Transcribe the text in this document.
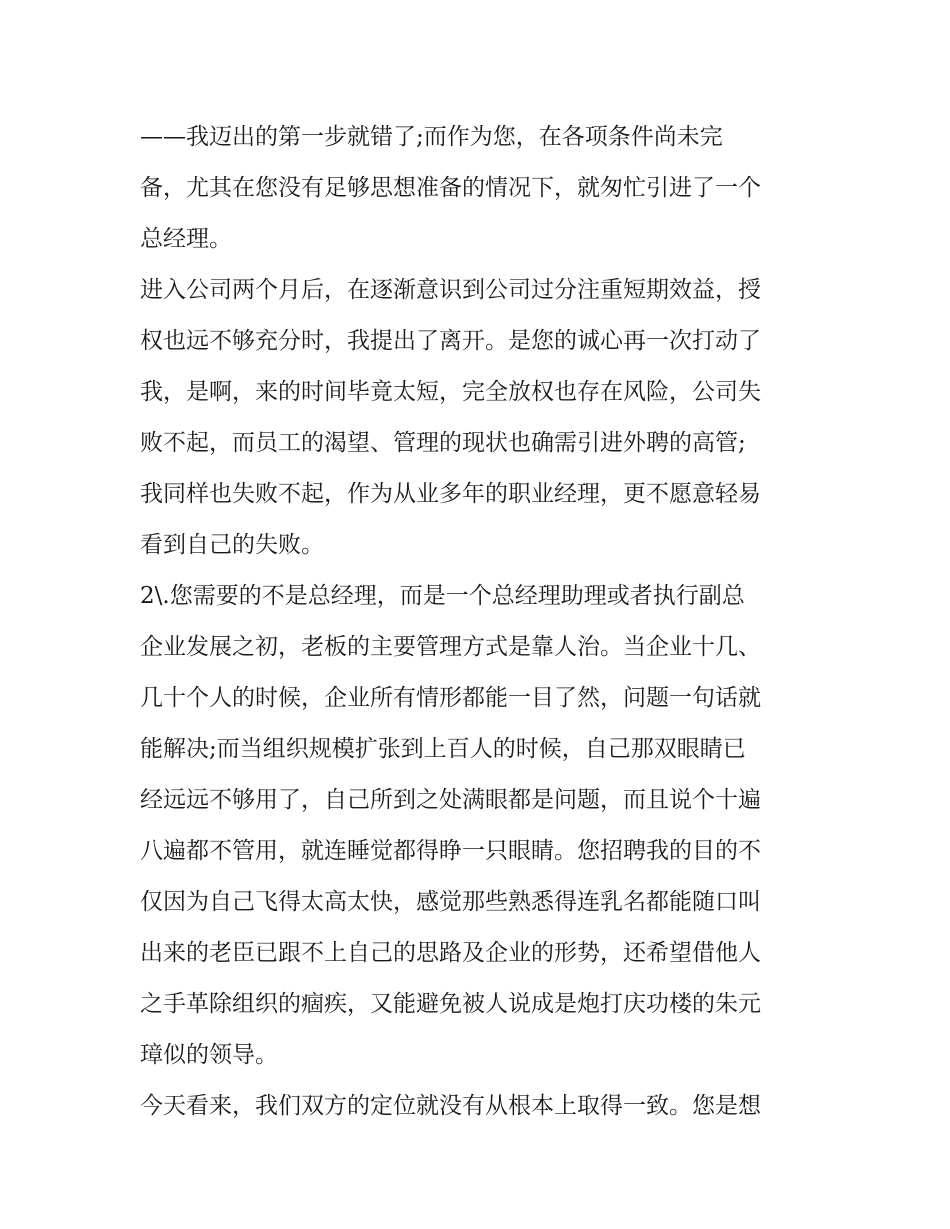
——我迈出的第一步就错了;而作为您，在各项条件尚未完
备，尤其在您没有足够思想准备的情况下，就匆忙引进了一个
总经理。
进入公司两个月后，在逐渐意识到公司过分注重短期效益，授
权也远不够充分时，我提出了离开。是您的诚心再一次打动了
我，是啊，来的时间毕竟太短，完全放权也存在风险，公司失
败不起，而员工的渴望、管理的现状也确需引进外聘的高管;
我同样也失败不起，作为从业多年的职业经理，更不愿意轻易
看到自己的失败。
2\.您需要的不是总经理，而是一个总经理助理或者执行副总
企业发展之初，老板的主要管理方式是靠人治。当企业十几、
几十个人的时候，企业所有情形都能一目了然，问题一句话就
能解决;而当组织规模扩张到上百人的时候，自己那双眼睛已
经远远不够用了，自己所到之处满眼都是问题，而且说个十遍
八遍都不管用，就连睡觉都得睁一只眼睛。您招聘我的目的不
仅因为自己飞得太高太快，感觉那些熟悉得连乳名都能随口叫
出来的老臣已跟不上自己的思路及企业的形势，还希望借他人
之手革除组织的痼疾，又能避免被人说成是炮打庆功楼的朱元
璋似的领导。
今天看来，我们双方的定位就没有从根本上取得一致。您是想
